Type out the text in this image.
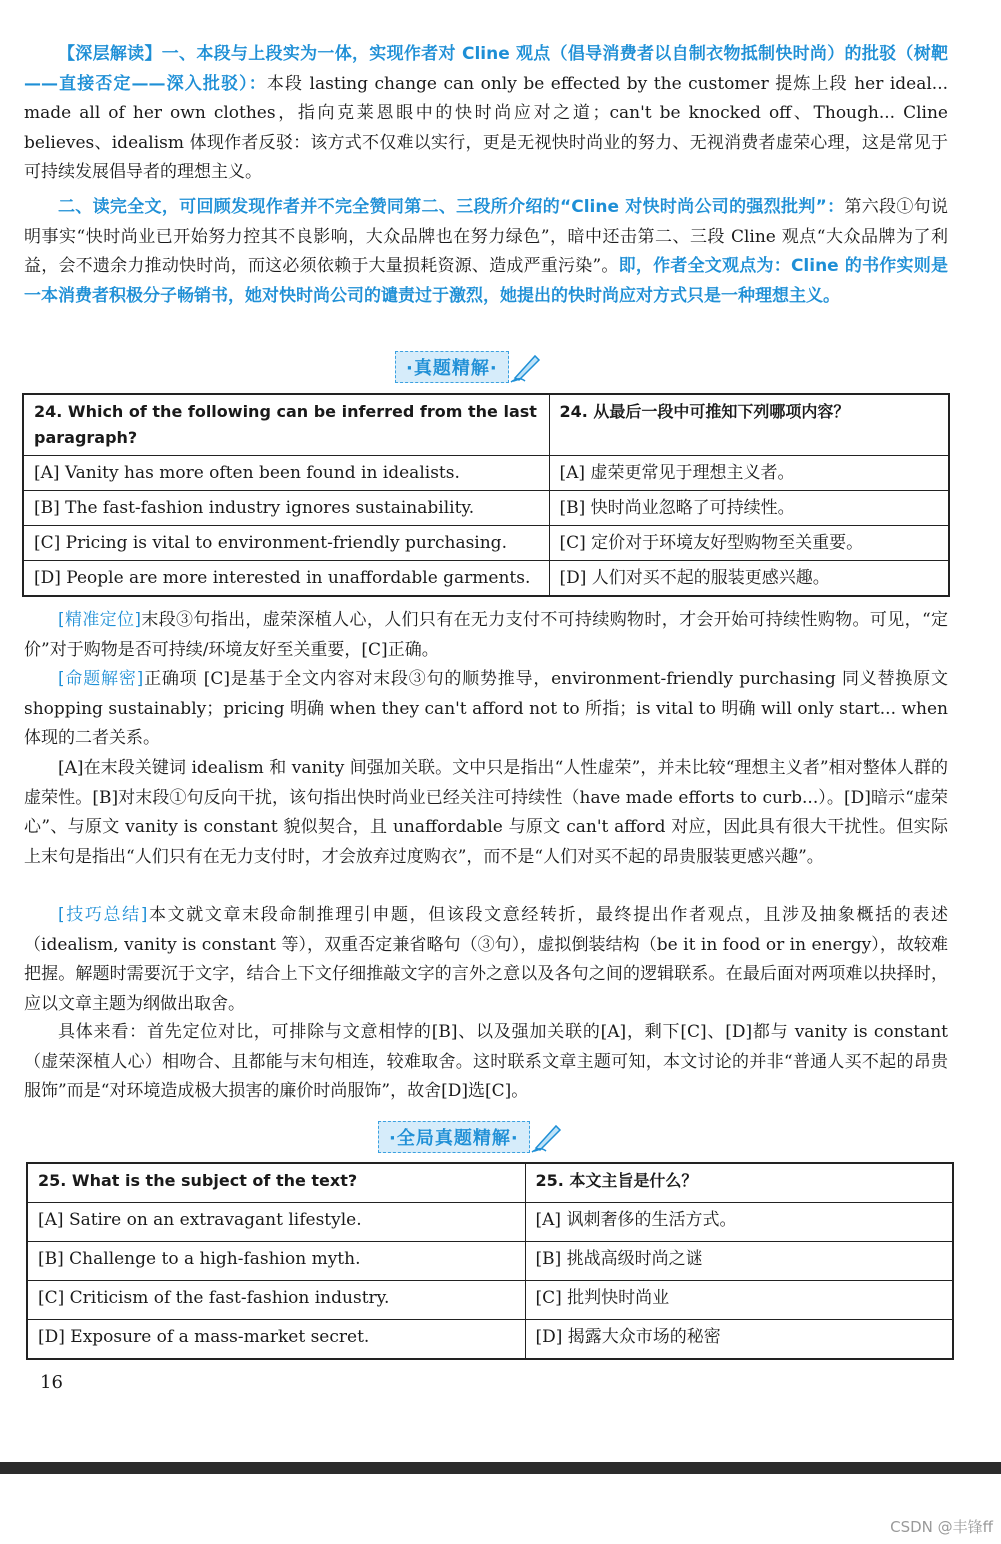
【深层解读】一、本段与上段实为一体，实现作者对 Cline 观点（倡导消费者以自制衣物抵制快时尚）的批驳（树靶——直接否定——深入批驳）：本段 lasting change can only be effected by the customer 提炼上段 her ideal... made all of her own clothes，指向克莱恩眼中的快时尚应对之道；can't be knocked off、Though... Cline believes、idealism 体现作者反驳：该方式不仅难以实行，更是无视快时尚业的努力、无视消费者虚荣心理，这是常见于可持续发展倡导者的理想主义。

二、读完全文，可回顾发现作者并不完全赞同第二、三段所介绍的“Cline 对快时尚公司的强烈批判”：第六段①句说明事实“快时尚业已开始努力控其不良影响，大众品牌也在努力绿色”，暗中还击第二、三段 Cline 观点“大众品牌为了利益，会不遗余力推动快时尚，而这必须依赖于大量损耗资源、造成严重污染”。即，作者全文观点为：Cline 的书作实则是一本消费者积极分子畅销书，她对快时尚公司的谴责过于激烈，她提出的快时尚应对方式只是一种理想主义。

·真题精解·
24. Which of the following can be inferred from the last paragraph?	24. 从最后一段中可推知下列哪项内容？
[A] Vanity has more often been found in idealists.	[A] 虚荣更常见于理想主义者。
[B] The fast-fashion industry ignores sustainability.	[B] 快时尚业忽略了可持续性。
[C] Pricing is vital to environment-friendly purchasing.	[C] 定价对于环境友好型购物至关重要。
[D] People are more interested in unaffordable garments.	[D] 人们对买不起的服装更感兴趣。

[精准定位]末段③句指出，虚荣深植人心，人们只有在无力支付不可持续购物时，才会开始可持续性购物。可见，“定价”对于购物是否可持续/环境友好至关重要，[C]正确。

[命题解密]正确项 [C]是基于全文内容对末段③句的顺势推导，environment-friendly purchasing 同义替换原文 shopping sustainably；pricing 明确 when they can't afford not to 所指；is vital to 明确 will only start... when 体现的二者关系。

[A]在末段关键词 idealism 和 vanity 间强加关联。文中只是指出“人性虚荣”，并未比较“理想主义者”相对整体人群的虚荣性。[B]对末段①句反向干扰，该句指出快时尚业已经关注可持续性（have made efforts to curb...）。[D]暗示“虚荣心”、与原文 vanity is constant 貌似契合，且 unaffordable 与原文 can't afford 对应，因此具有很大干扰性。但实际上末句是指出“人们只有在无力支付时，才会放弃过度购衣”，而不是“人们对买不起的昂贵服装更感兴趣”。

[技巧总结]本文就文章末段命制推理引申题，但该段文意经转折，最终提出作者观点，且涉及抽象概括的表述（idealism, vanity is constant 等），双重否定兼省略句（③句），虚拟倒装结构（be it in food or in energy），故较难把握。解题时需要沉于文字，结合上下文仔细推敲文字的言外之意以及各句之间的逻辑联系。在最后面对两项难以抉择时，应以文章主题为纲做出取舍。

具体来看：首先定位对比，可排除与文意相悖的[B]、以及强加关联的[A]，剩下[C]、[D]都与 vanity is constant（虚荣深植人心）相吻合、且都能与末句相连，较难取舍。这时联系文章主题可知，本文讨论的并非“普通人买不起的昂贵服饰”而是“对环境造成极大损害的廉价时尚服饰”，故舍[D]选[C]。

·全局真题精解·
25. What is the subject of the text?	25. 本文主旨是什么？
[A] Satire on an extravagant lifestyle.	[A] 讽刺奢侈的生活方式。
[B] Challenge to a high-fashion myth.	[B] 挑战高级时尚之谜
[C] Criticism of the fast-fashion industry.	[C] 批判快时尚业
[D] Exposure of a mass-market secret.	[D] 揭露大众市场的秘密
16
CSDN @丰锋ff
